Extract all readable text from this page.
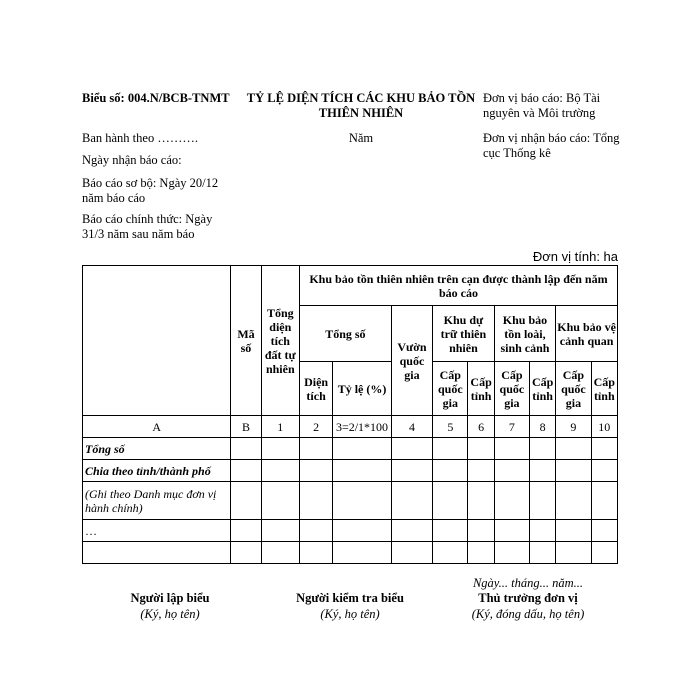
Biểu số: 004.N/BCB-TNMT
Ban hành theo ……….
Ngày nhận báo cáo:
Báo cáo sơ bộ: Ngày 20/12 năm báo cáo
Báo cáo chính thức: Ngày 31/3 năm sau năm báo
TỶ LỆ DIỆN TÍCH CÁC KHU BẢO TỒN THIÊN NHIÊN
Năm
Đơn vị báo cáo: Bộ Tài nguyên và Môi trường
Đơn vị nhận báo cáo: Tổng cục Thống kê
Đơn vị tính: ha
	Mã số	Tổng diện tích đất tự nhiên	Khu bảo tồn thiên nhiên trên cạn được thành lập đến năm báo cáo								
			Tổng số		Vườn quốc gia	Khu dự trữ thiên nhiên		Khu bảo tồn loài, sinh cảnh		Khu bảo vệ cảnh quan	

			Diện tích	Tỷ lệ (%)		Cấp quốc gia	Cấp tỉnh	Cấp quốc gia	Cấp tỉnh	Cấp quốc gia	Cấp tỉnh
A	B	1	2	3=2/1*100	4	5	6	7	8	9	10
Tổng số											
Chia theo tỉnh/thành phố											
(Ghi theo Danh mục đơn vị hành chính)											
…											

Ngày... tháng... năm...
Người lập biểu
(Ký, họ tên)
Người kiểm tra biểu
(Ký, họ tên)
Thủ trưởng đơn vị
(Ký, đóng dấu, họ tên)
